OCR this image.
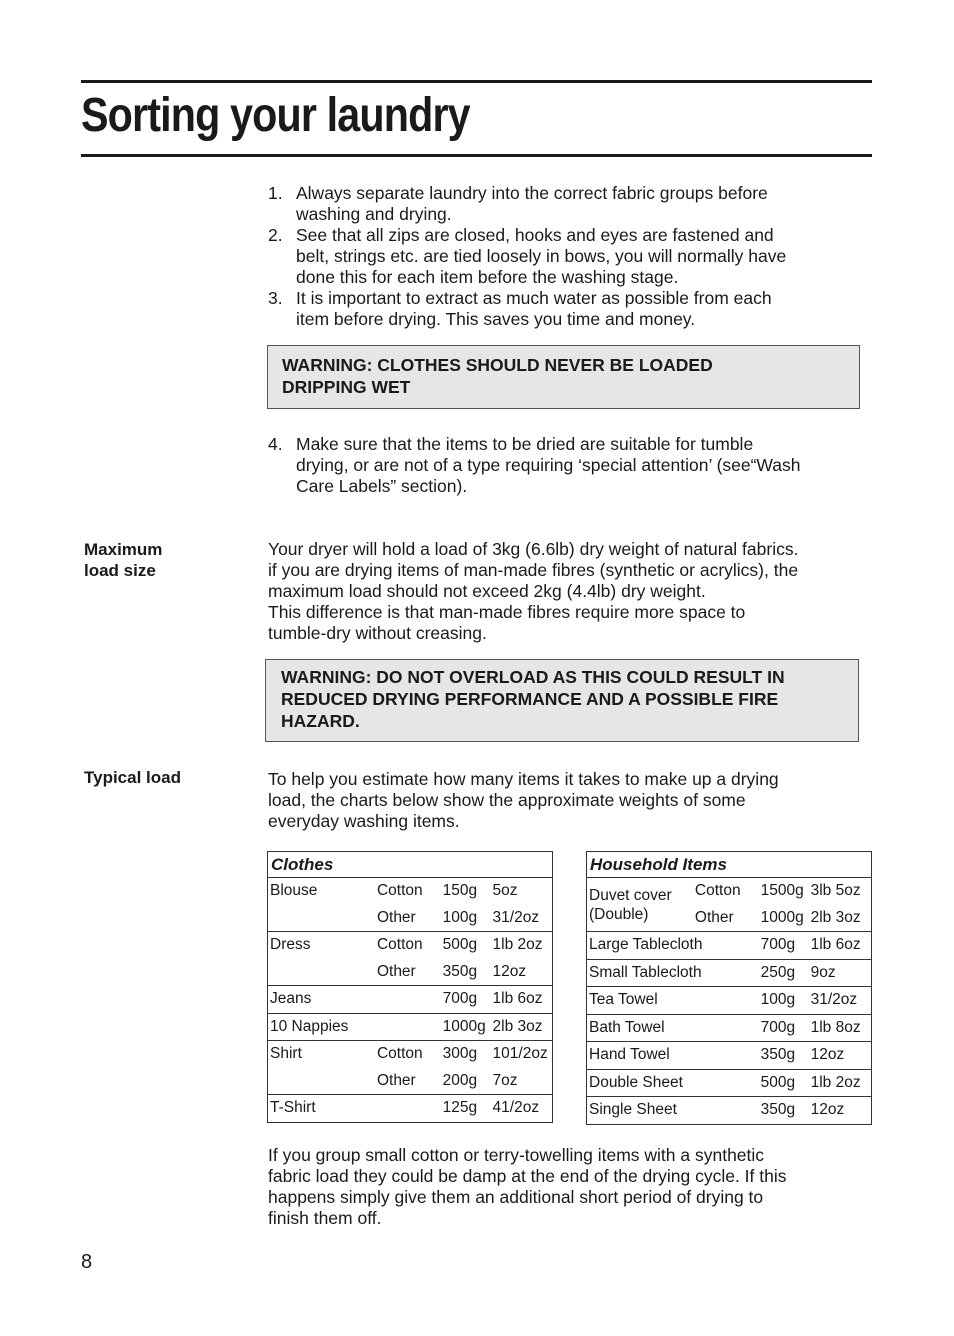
Sorting your laundry
1. Always separate laundry into the correct fabric groups before
washing and drying.
2. See that all zips are closed, hooks and eyes are fastened and
belt, strings etc. are tied loosely in bows, you will normally have
done this for each item before the washing stage.
3. It is important to extract as much water as possible from each
item before drying. This saves you time and money.
WARNING: CLOTHES SHOULD NEVER BE LOADED
DRIPPING WET
4. Make sure that the items to be dried are suitable for tumble
drying, or are not of a type requiring ‘special attention’ (see“Wash
Care Labels” section).
Maximum
load size
Your dryer will hold a load of 3kg (6.6lb) dry weight of natural fabrics.
if you are drying items of man-made fibres (synthetic or acrylics), the
maximum load should not exceed 2kg (4.4lb) dry weight.
This difference is that man-made fibres require more space to
tumble-dry without creasing.
WARNING: DO NOT OVERLOAD AS THIS COULD RESULT IN
REDUCED DRYING PERFORMANCE AND A POSSIBLE FIRE
HAZARD.
Typical load	To help you estimate how many items it takes to make up a drying
load, the charts below show the approximate weights of some
everyday washing items.
Clothes			
Blouse	Cotton	150g	5oz
	Other	100g	31/2oz
Dress	Cotton	500g	1lb 2oz
	Other	350g	12oz
Jeans		700g	1lb 6oz
10 Nappies		1000g	2lb 3oz
Shirt	Cotton	300g	101/2oz
	Other	200g	7oz
T-Shirt		125g	41/2oz
Household Items			

Duvet cover
(Double)	Cotton	1500g	3lb 5oz
	Other	1000g	2lb 3oz
Large Tablecloth		700g	1lb 6oz
Small Tablecloth		250g	9oz
Tea Towel		100g	31/2oz
Bath Towel		700g	1lb 8oz
Hand Towel		350g	12oz
Double Sheet		500g	1lb 2oz
Single Sheet		350g	12oz
If you group small cotton or terry-towelling items with a synthetic
fabric load they could be damp at the end of the drying cycle. If this
happens simply give them an additional short period of drying to
finish them off.
8
